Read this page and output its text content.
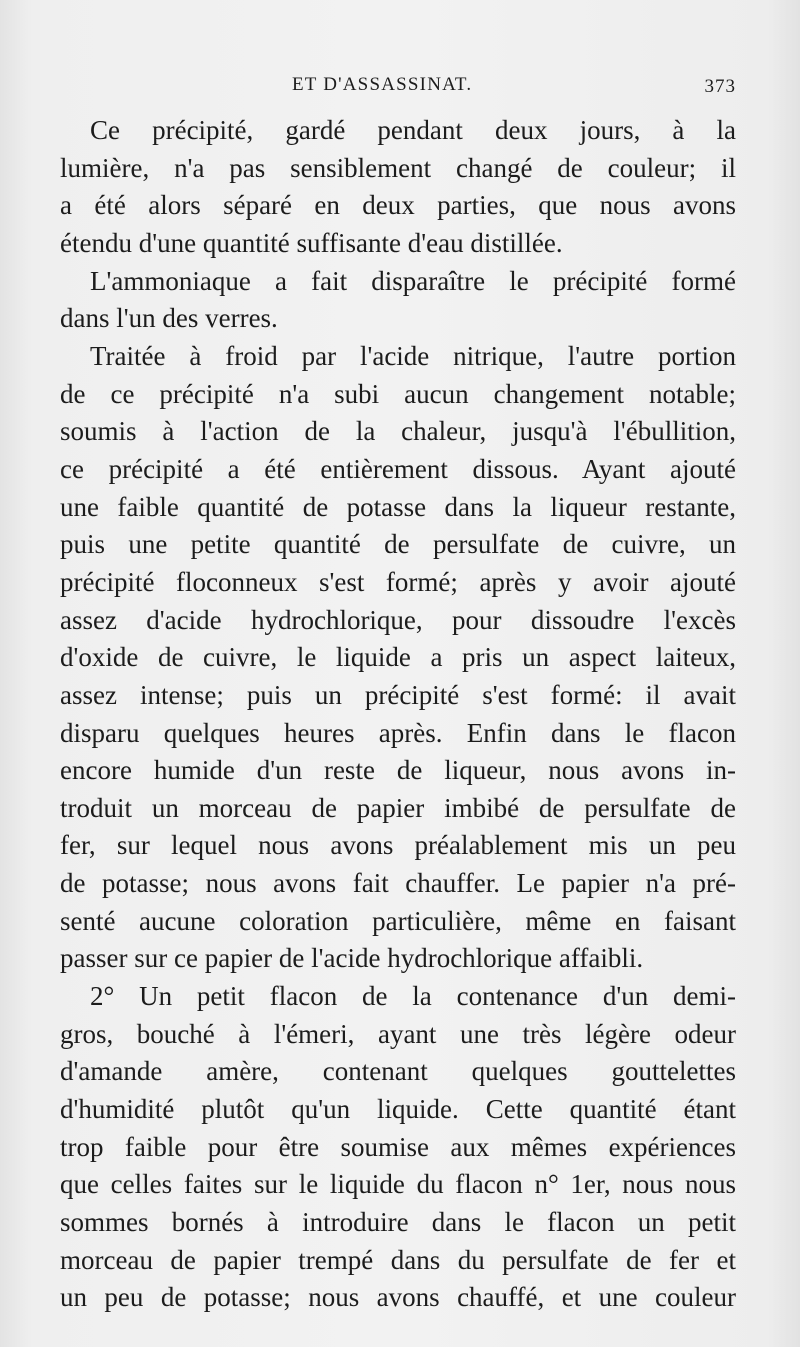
ET D'ASSASSINAT.	373
Ce précipité, gardé pendant deux jours, à la
lumière, n'a pas sensiblement changé de couleur; il
a été alors séparé en deux parties, que nous avons
étendu d'une quantité suffisante d'eau distillée.
L'ammoniaque a fait disparaître le précipité formé
dans l'un des verres.
Traitée à froid par l'acide nitrique, l'autre portion
de ce précipité n'a subi aucun changement notable;
soumis à l'action de la chaleur, jusqu'à l'ébullition,
ce précipité a été entièrement dissous. Ayant ajouté
une faible quantité de potasse dans la liqueur restante,
puis une petite quantité de persulfate de cuivre, un
précipité floconneux s'est formé; après y avoir ajouté
assez d'acide hydrochlorique, pour dissoudre l'excès
d'oxide de cuivre, le liquide a pris un aspect laiteux,
assez intense; puis un précipité s'est formé: il avait
disparu quelques heures après. Enfin dans le flacon
encore humide d'un reste de liqueur, nous avons in-
troduit un morceau de papier imbibé de persulfate de
fer, sur lequel nous avons préalablement mis un peu
de potasse; nous avons fait chauffer. Le papier n'a pré-
senté aucune coloration particulière, même en faisant
passer sur ce papier de l'acide hydrochlorique affaibli.
2° Un petit flacon de la contenance d'un demi-
gros, bouché à l'émeri, ayant une très légère odeur
d'amande amère, contenant quelques gouttelettes
d'humidité plutôt qu'un liquide. Cette quantité étant
trop faible pour être soumise aux mêmes expériences
que celles faites sur le liquide du flacon n° 1er, nous nous
sommes bornés à introduire dans le flacon un petit
morceau de papier trempé dans du persulfate de fer et
un peu de potasse; nous avons chauffé, et une couleur
